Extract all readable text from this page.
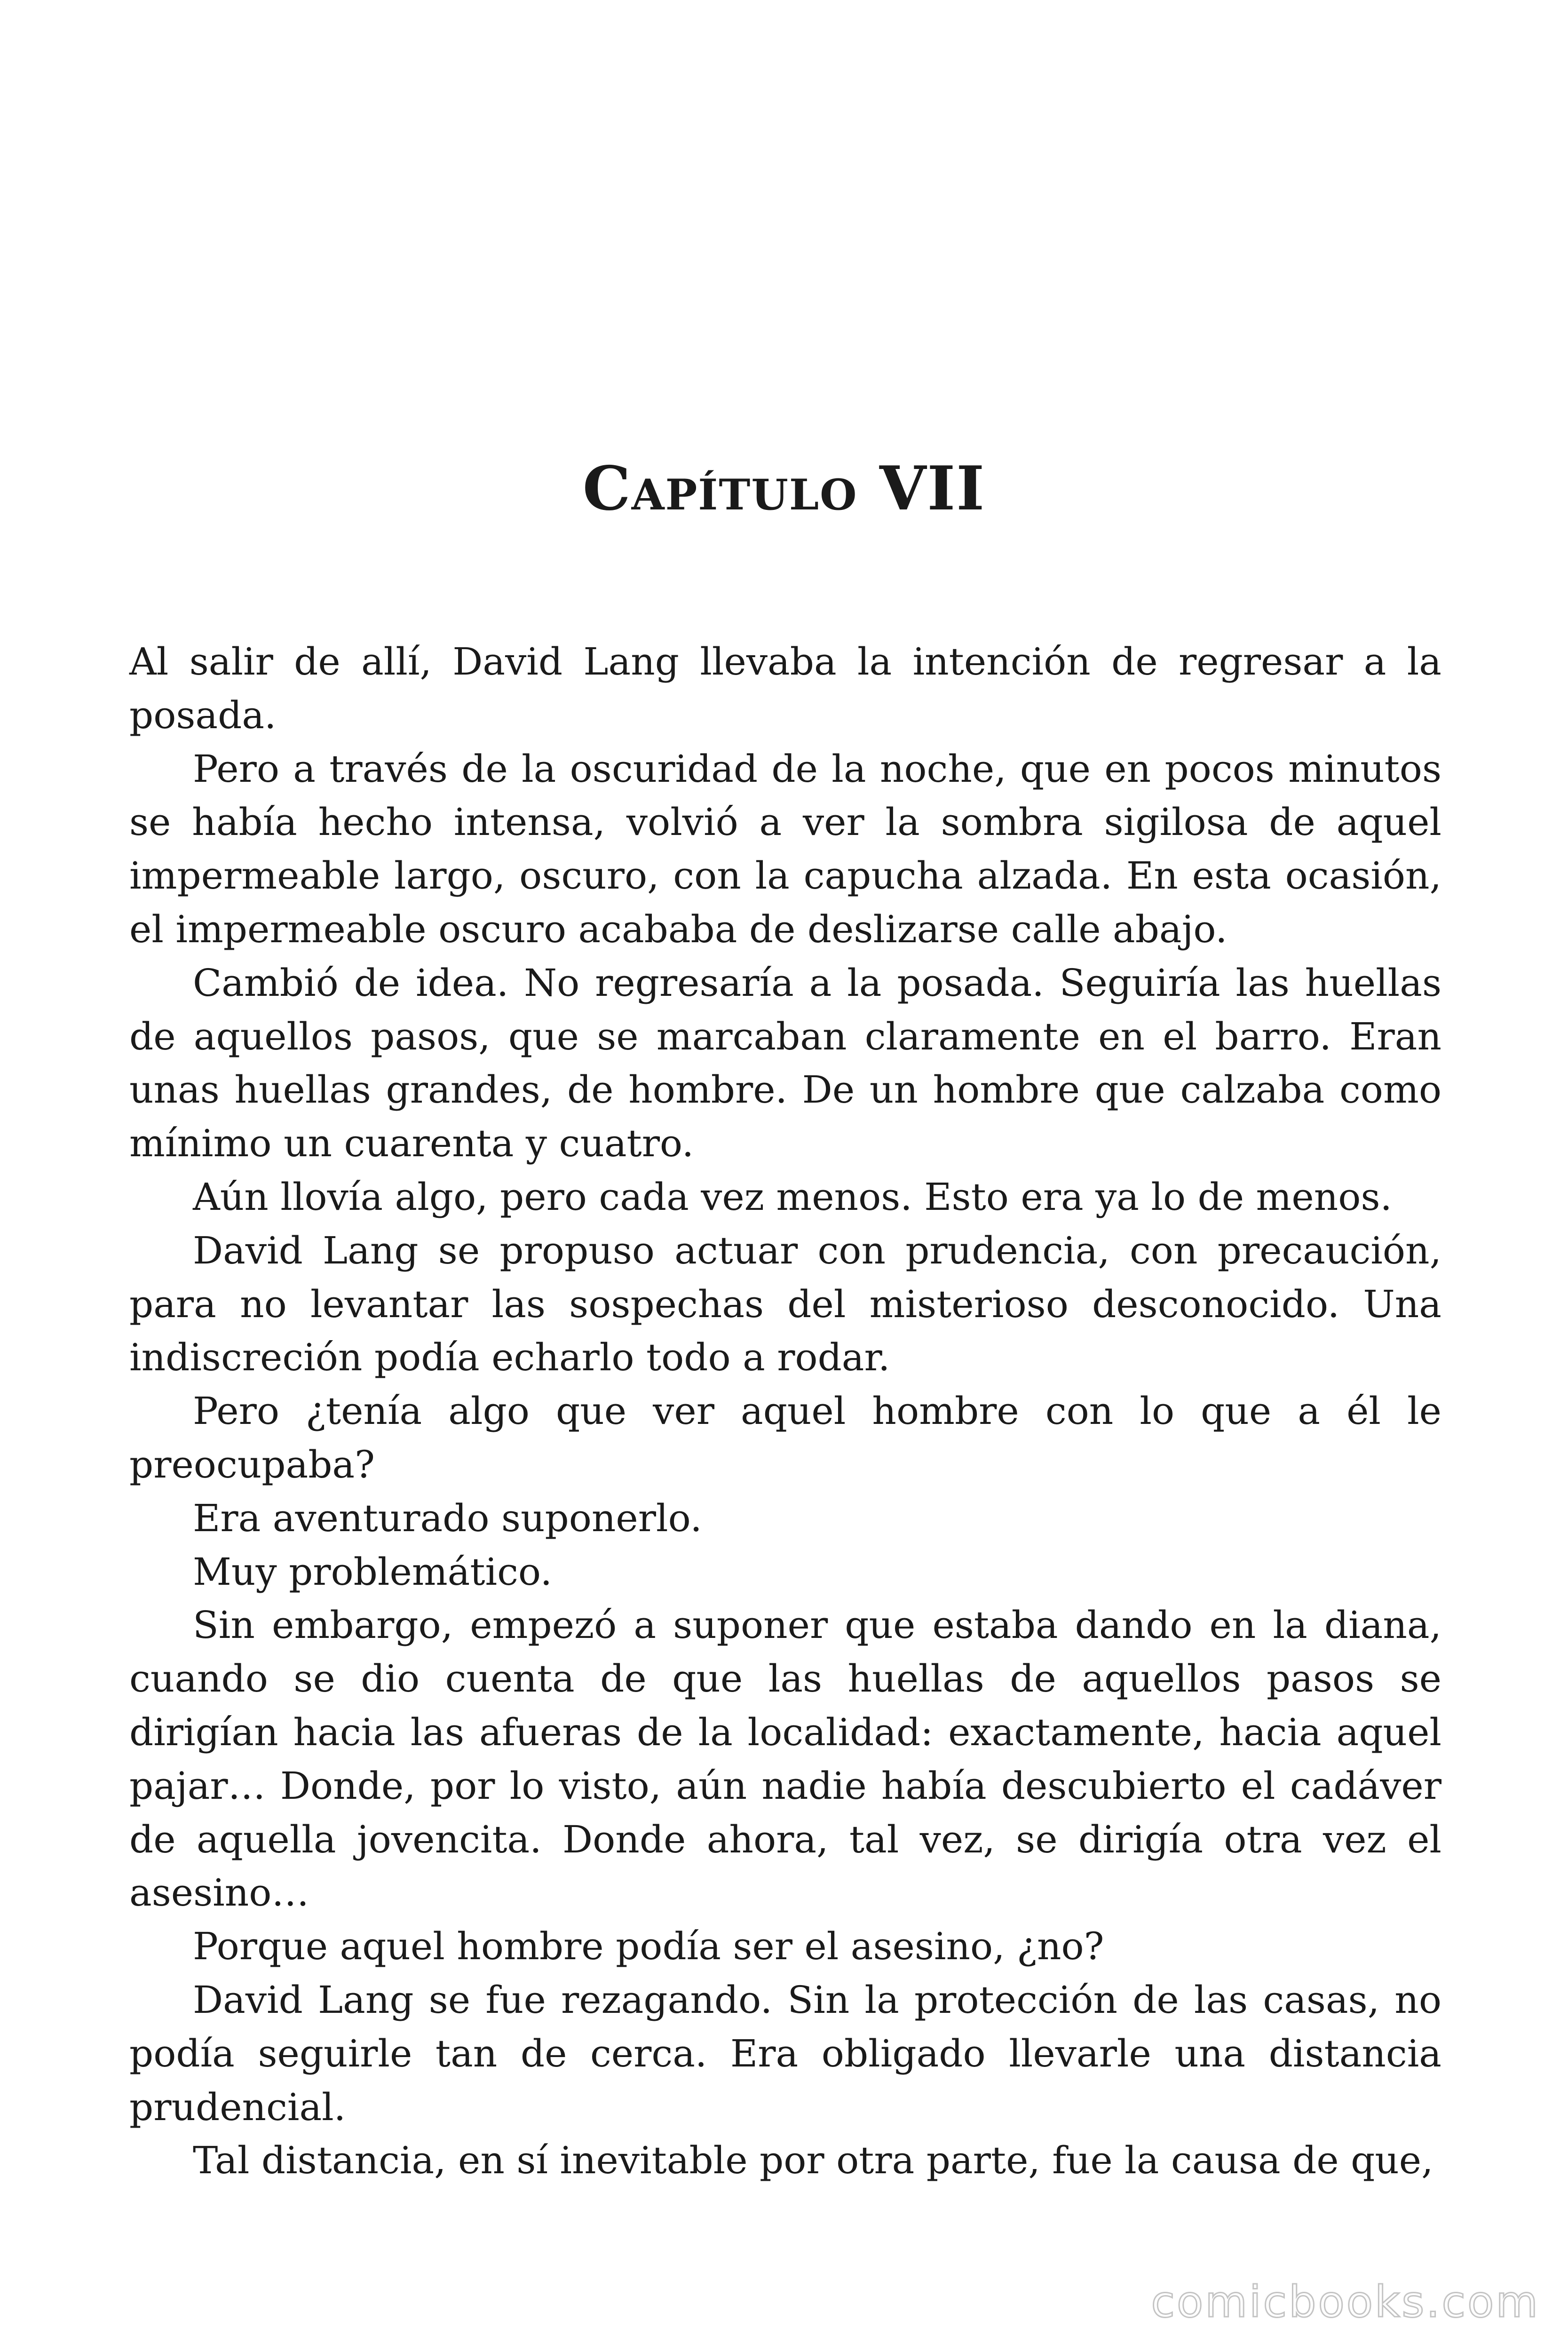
Capítulo VII

Al salir de allí, David Lang llevaba la intención de regresar a la posada.

Pero a través de la oscuridad de la noche, que en pocos minutos se había hecho intensa, volvió a ver la sombra sigilosa de aquel impermeable largo, oscuro, con la capucha alzada. En esta ocasión, el impermeable oscuro acababa de deslizarse calle abajo.

Cambió de idea. No regresaría a la posada. Seguiría las huellas de aquellos pasos, que se marcaban claramente en el barro. Eran unas huellas grandes, de hombre. De un hombre que calzaba como mínimo un cuarenta y cuatro.

Aún llovía algo, pero cada vez menos. Esto era ya lo de menos.

David Lang se propuso actuar con prudencia, con precaución, para no levantar las sospechas del misterioso desconocido. Una indiscreción podía echarlo todo a rodar.

Pero ¿tenía algo que ver aquel hombre con lo que a él le preocupaba?

Era aventurado suponerlo.

Muy problemático.

Sin embargo, empezó a suponer que estaba dando en la diana, cuando se dio cuenta de que las huellas de aquellos pasos se dirigían hacia las afueras de la localidad: exactamente, hacia aquel pajar… Donde, por lo visto, aún nadie había descubierto el cadáver de aquella jovencita. Donde ahora, tal vez, se dirigía otra vez el asesino…

Porque aquel hombre podía ser el asesino, ¿no?

David Lang se fue rezagando. Sin la protección de las casas, no podía seguirle tan de cerca. Era obligado llevarle una distancia prudencial.

Tal distancia, en sí inevitable por otra parte, fue la causa de que,

comicbooks.com
